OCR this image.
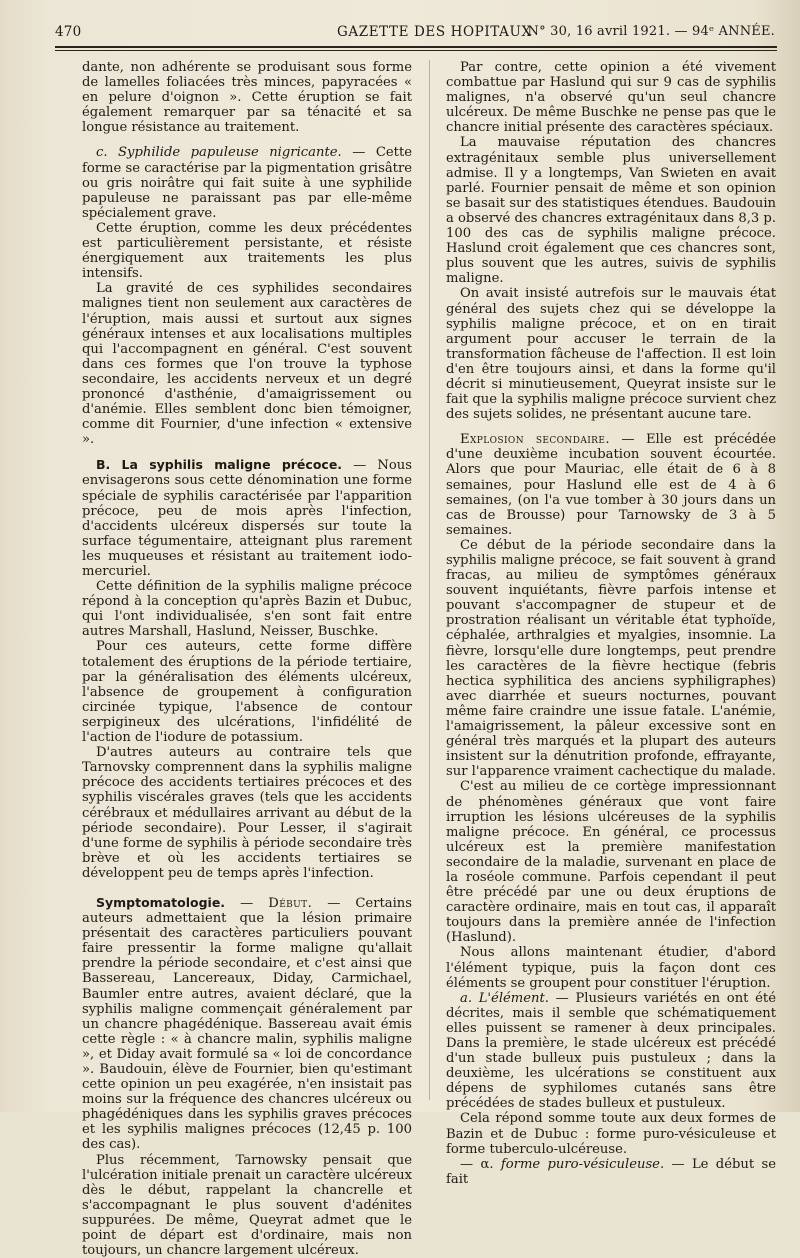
470	GAZETTE DES HOPITAUX
N° 30, 16 avril 1921. — 94ᵉ ANNÉE.

dante, non adhérente se produisant sous forme de lamelles foliacées très minces, papyracées « en pelure d'oignon ». Cette éruption se fait également remarquer par sa ténacité et sa longue résistance au traitement.

c. Syphilide papuleuse nigricante. — Cette forme se caractérise par la pigmentation grisâtre ou gris noirâtre qui fait suite à une syphilide papuleuse ne paraissant pas par elle-même spécialement grave.

Cette éruption, comme les deux précédentes est particulièrement persistante, et résiste énergiquement aux traitements les plus intensifs.

La gravité de ces syphilides secondaires malignes tient non seulement aux caractères de l'éruption, mais aussi et surtout aux signes généraux intenses et aux localisations multiples qui l'accompagnent en général. C'est souvent dans ces formes que l'on trouve la typhose secondaire, les accidents nerveux et un degré prononcé d'asthénie, d'amaigrissement ou d'anémie. Elles semblent donc bien témoigner, comme dit Fournier, d'une infection « extensive ».

B. La syphilis maligne précoce. — Nous envisagerons sous cette dénomination une forme spéciale de syphilis caractérisée par l'apparition précoce, peu de mois après l'infection, d'accidents ulcéreux dispersés sur toute la surface tégumentaire, atteignant plus rarement les muqueuses et résistant au traitement iodo-mercuriel.

Cette définition de la syphilis maligne précoce répond à la conception qu'après Bazin et Dubuc, qui l'ont individualisée, s'en sont fait entre autres Marshall, Haslund, Neisser, Buschke.

Pour ces auteurs, cette forme diffère totalement des éruptions de la période tertiaire, par la généralisation des éléments ulcéreux, l'absence de groupement à configuration circinée typique, l'absence de contour serpigineux des ulcérations, l'infidélité de l'action de l'iodure de potassium.

D'autres auteurs au contraire tels que Tarnovsky comprennent dans la syphilis maligne précoce des accidents tertiaires précoces et des syphilis viscérales graves (tels que les accidents cérébraux et médullaires arrivant au début de la période secondaire). Pour Lesser, il s'agirait d'une forme de syphilis à période secondaire très brève et où les accidents tertiaires se développent peu de temps après l'infection.

Symptomatologie. — Début. — Certains auteurs admettaient que la lésion primaire présentait des caractères particuliers pouvant faire pressentir la forme maligne qu'allait prendre la période secondaire, et c'est ainsi que Bassereau, Lancereaux, Diday, Carmichael, Baumler entre autres, avaient déclaré, que la syphilis maligne commençait généralement par un chancre phagédénique. Bassereau avait émis cette règle : « à chancre malin, syphilis maligne », et Diday avait formulé sa « loi de concordance ». Baudouin, élève de Fournier, bien qu'estimant cette opinion un peu exagérée, n'en insistait pas moins sur la fréquence des chancres ulcéreux ou phagédéniques dans les syphilis graves précoces et les syphilis malignes précoces (12,45 p. 100 des cas).

Plus récemment, Tarnowsky pensait que l'ulcération initiale prenait un caractère ulcéreux dès le début, rappelant la chancrelle et s'accompagnant le plus souvent d'adénites suppurées. De même, Queyrat admet que le point de départ est d'ordinaire, mais non toujours, un chancre largement ulcéreux.

Par contre, cette opinion a été vivement combattue par Haslund qui sur 9 cas de syphilis malignes, n'a observé qu'un seul chancre ulcéreux. De même Buschke ne pense pas que le chancre initial présente des caractères spéciaux.

La mauvaise réputation des chancres extragénitaux semble plus universellement admise. Il y a longtemps, Van Swieten en avait parlé. Fournier pensait de même et son opinion se basait sur des statistiques étendues. Baudouin a observé des chancres extragénitaux dans 8,3 p. 100 des cas de syphilis maligne précoce. Haslund croit également que ces chancres sont, plus souvent que les autres, suivis de syphilis maligne.

On avait insisté autrefois sur le mauvais état général des sujets chez qui se développe la syphilis maligne précoce, et on en tirait argument pour accuser le terrain de la transformation fâcheuse de l'affection. Il est loin d'en être toujours ainsi, et dans la forme qu'il décrit si minutieusement, Queyrat insiste sur le fait que la syphilis maligne précoce survient chez des sujets solides, ne présentant aucune tare.

Explosion secondaire. — Elle est précédée d'une deuxième incubation souvent écourtée. Alors que pour Mauriac, elle était de 6 à 8 semaines, pour Haslund elle est de 4 à 6 semaines, (on l'a vue tomber à 30 jours dans un cas de Brousse) pour Tarnowsky de 3 à 5 semaines.

Ce début de la période secondaire dans la syphilis maligne précoce, se fait souvent à grand fracas, au milieu de symptômes généraux souvent inquiétants, fièvre parfois intense et pouvant s'accompagner de stupeur et de prostration réalisant un véritable état typhoïde, céphalée, arthralgies et myalgies, insomnie. La fièvre, lorsqu'elle dure longtemps, peut prendre les caractères de la fièvre hectique (febris hectica syphilitica des anciens syphiligraphes) avec diarrhée et sueurs nocturnes, pouvant même faire craindre une issue fatale. L'anémie, l'amaigrissement, la pâleur excessive sont en général très marqués et la plupart des auteurs insistent sur la dénutrition profonde, effrayante, sur l'apparence vraiment cachectique du malade.

C'est au milieu de ce cortège impressionnant de phénomènes généraux que vont faire irruption les lésions ulcéreuses de la syphilis maligne précoce. En général, ce processus ulcéreux est la première manifestation secondaire de la maladie, survenant en place de la roséole commune. Parfois cependant il peut être précédé par une ou deux éruptions de caractère ordinaire, mais en tout cas, il apparaît toujours dans la première année de l'infection (Haslund).

Nous allons maintenant étudier, d'abord l'élément typique, puis la façon dont ces éléments se groupent pour constituer l'éruption.

a. L'élément. — Plusieurs variétés en ont été décrites, mais il semble que schématiquement elles puissent se ramener à deux principales. Dans la première, le stade ulcéreux est précédé d'un stade bulleux puis pustuleux ; dans la deuxième, les ulcérations se constituent aux dépens de syphilomes cutanés sans être précédées de stades bulleux et pustuleux.

Cela répond somme toute aux deux formes de Bazin et de Dubuc : forme puro-vésiculeuse et forme tuberculo-ulcéreuse.

— α. forme puro-vésiculeuse. — Le début se fait
